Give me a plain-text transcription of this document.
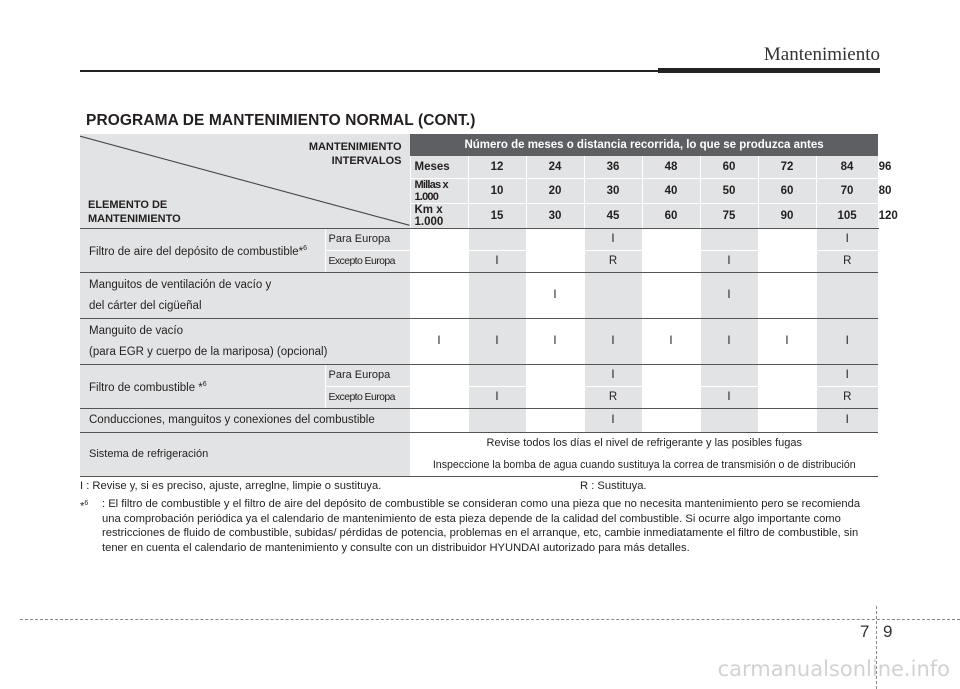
Mantenimiento
PROGRAMA DE MANTENIMIENTO NORMAL (CONT.)
MANTENIMIENTO
INTERVALOS
ELEMENTO DE
MANTENIMIENTO		Número de meses o distancia recorrida, lo que se produzca antes								
		Meses	12	24	36	48	60	72	84	96
		Millas x 1.000	10	20	30	40	50	60	70	80
		Km x 1.000	15	30	45	60	75	90	105	120
Filtro de aire del depósito de combustible*$^6$	Para Europa				I				I	
	Excepto Europa		I		R		I		R	

Manguitos de ventilación de vacío y
del cárter del cigüeñal				I			I			

Manguito de vacío
(para EGR y cuerpo de la mariposa) (opcional)		I	I	I	I	I	I	I	I	
Filtro de combustible *$^6$	Para Europa				I				I	
	Excepto Europa		I		R		I		R	
Conducciones, manguitos y conexiones del combustible					I				I	
Sistema de refrigeración		Revise todos los días el nivel de refrigerante y las posibles fugas								
		Inspeccione la bomba de agua cuando sustituya la correa de transmisión o de distribución								
I : Revise y, si es preciso, ajuste, arreglne, limpie o sustituya.	R : Sustituya.
*$^6$	: El filtro de combustible y el filtro de aire del depósito de combustible se consideran como una pieza que no necesita mantenimiento pero se recomienda una comprobación periódica ya el calendario de mantenimiento de esta pieza depende de la calidad del combustible. Si ocurre algo importante como restricciones de fluido de combustible, subidas/ pérdidas de potencia, problemas en el arranque, etc, cambie inmediatamente el filtro de combustible, sin tener en cuenta el calendario de mantenimiento y consulte con un distribuidor HYUNDAI autorizado para más detalles.
7 9
carmanualsonline.info
